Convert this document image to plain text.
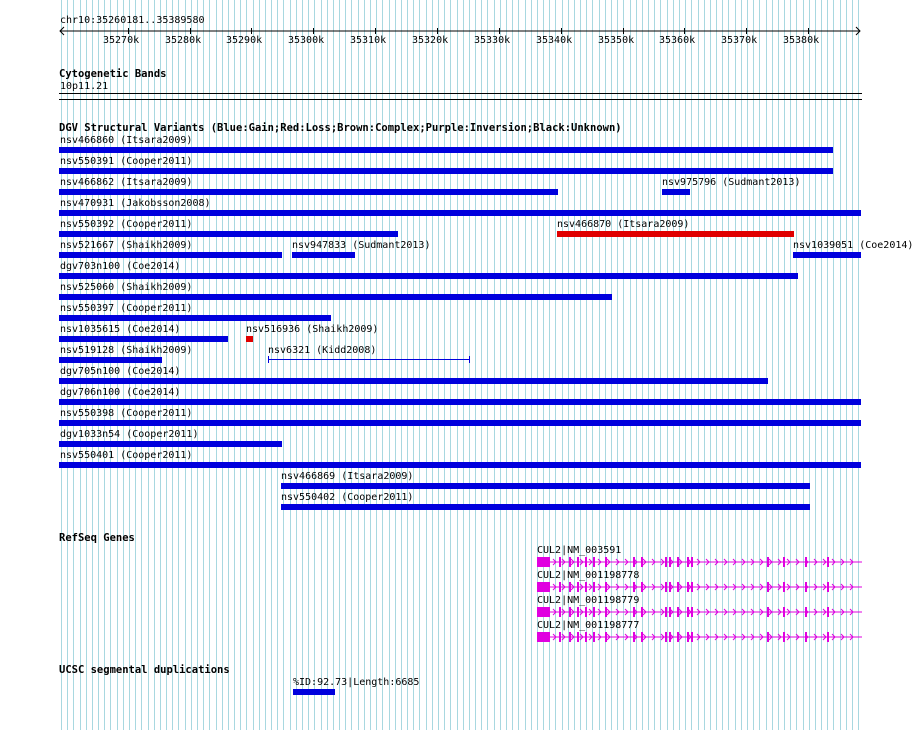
chr10:35260181..35389580
35270k	35280k 35290k	35300k	35310k	35320k	35330k	35340k	35350k 35360k	35370k	35380k
Cytogenetic Bands
10p11.21
DGV Structural Variants (Blue:Gain;Red:Loss;Brown:Complex;Purple:Inversion;Black:Unknown)
nsv466860 (Itsara2009)
nsv550391 (Cooper2011)
nsv466862 (Itsara2009)	nsv975796 (Sudmant2013)
nsv470931 (Jakobsson2008)
nsv550392 (Cooper2011)	nsv466870 (Itsara2009)
nsv521667 (Shaikh2009)	nsv947833 (Sudmant2013)	nsv1039051 (Coe2014)
dgv703n100 (Coe2014)
nsv525060 (Shaikh2009)
nsv550397 (Cooper2011)
nsv1035615 (Coe2014)	nsv516936 (Shaikh2009)
nsv519128 (Shaikh2009)	nsv6321 (Kidd2008)
dgv705n100 (Coe2014)
dgv706n100 (Coe2014)
nsv550398 (Cooper2011)
dgv1033n54 (Cooper2011)
nsv550401 (Cooper2011)
nsv466869 (Itsara2009)
nsv550402 (Cooper2011)
RefSeq Genes
CUL2|NM_003591
CUL2|NM_001198778
CUL2|NM_001198779
CUL2|NM_001198777
UCSC segmental duplications
%ID:92.73|Length:6685
